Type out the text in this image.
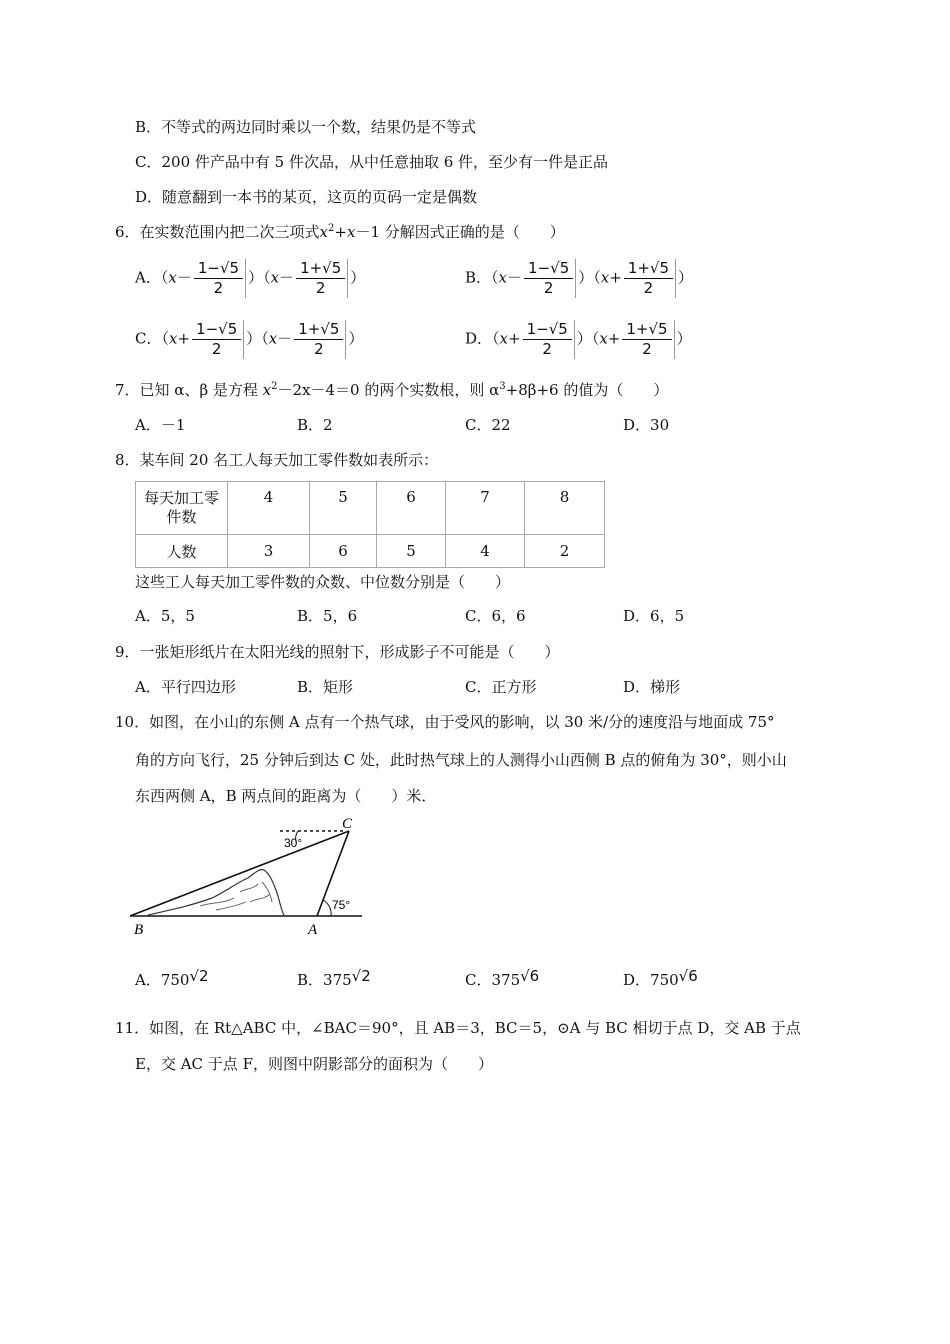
B．不等式的两边同时乘以一个数，结果仍是不等式
C．200 件产品中有 5 件次品，从中任意抽取 6 件，至少有一件是正品
D．随意翻到一本书的某页，这页的页码一定是偶数
6．在实数范围内把二次三项式$x^2+x-1$ 分解因式正确的是（　　）
A．$(x- \frac{1-√5}{2} )(x- \frac{1+√5}{2}$ ）	B．$(x- \frac{1-√5}{2} )(x+ \frac{1+√5}{2}$ ）
C．$(x+ \frac{1-√5}{2} )(x- \frac{1+√5}{2}$ ）	D．$(x+ \frac{1-√5}{2} )(x+ \frac{1+√5}{2}$ ）
7．已知 α、β 是方程 $x^2-2x-4=0$ 的两个实数根，则 $\alpha^3+8\beta+6$ 的值为（　　）
A．－1	B．2	C．22	D．30
8．某车间 20 名工人每天加工零件数如表所示：
每天加工零
件数	4	5	6	7	8
人数	3	6	5	4	2
这些工人每天加工零件数的众数、中位数分别是（　　）
A．5，5	B．5，6	C．6，6	D．6，5
9．一张矩形纸片在太阳光线的照射下，形成影子不可能是（　　）
A．平行四边形	B．矩形	C．正方形	D．梯形
10．如图，在小山的东侧 A 点有一个热气球，由于受风的影响，以 30 米/分的速度沿与地面成 75°
角的方向飞行，25 分钟后到达 C 处，此时热气球上的人测得小山西侧 B 点的俯角为 30°，则小山
东西两侧 A，B 两点间的距离为（　　）米．
C
B	A
30°
75°
A．750 √2	B．375 √2	C．375 √6	D．750 √6
11．如图，在 Rt△ABC 中，∠BAC＝90°，且 AB＝3，BC＝5，⊙A 与 BC 相切于点 D，交 AB 于点
E，交 AC 于点 F，则图中阴影部分的面积为（　　）
